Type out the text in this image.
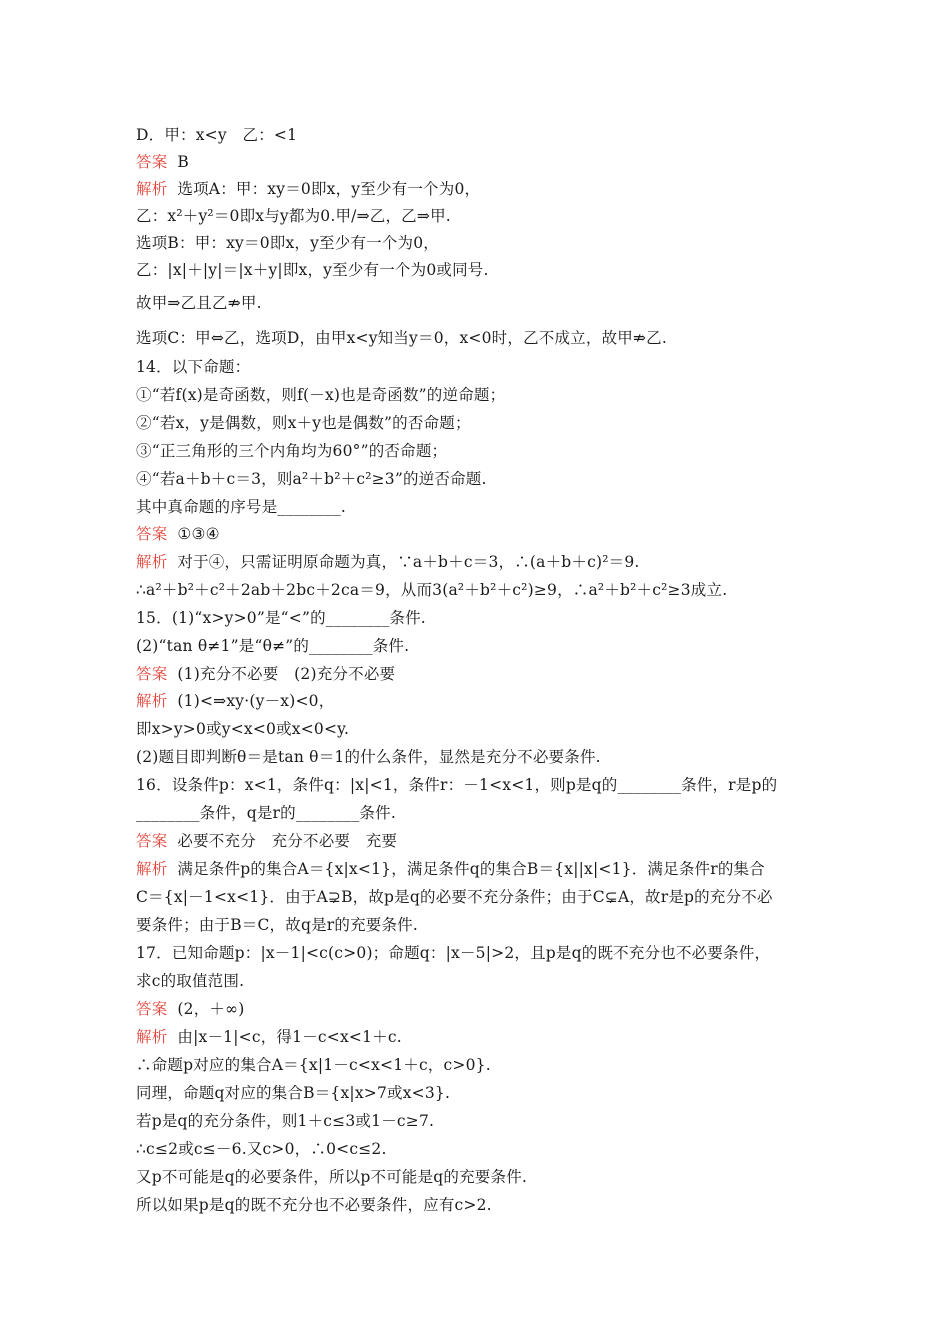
D．甲：x<y　乙：<1
答案 B
解析 选项A：甲：xy＝0即x，y至少有一个为0，
乙：x²＋y²＝0即x与y都为0.甲/⇒乙，乙⇒甲.
选项B：甲：xy＝0即x，y至少有一个为0，
乙：|x|＋|y|＝|x＋y|即x，y至少有一个为0或同号.
故甲⇒乙且乙⇏甲.
选项C：甲⇔乙，选项D，由甲x<y知当y＝0，x<0时，乙不成立，故甲⇏乙.
14．以下命题：
①“若f(x)是奇函数，则f(－x)也是奇函数”的逆命题；
②“若x，y是偶数，则x＋y也是偶数”的否命题；
③“正三角形的三个内角均为60°”的否命题；
④“若a＋b＋c＝3，则a²＋b²＋c²≥3”的逆否命题.
其中真命题的序号是________.
答案 ①③④
解析 对于④，只需证明原命题为真，∵a＋b＋c＝3，∴(a＋b＋c)²＝9.
∴a²＋b²＋c²＋2ab＋2bc＋2ca＝9，从而3(a²＋b²＋c²)≥9，∴a²＋b²＋c²≥3成立.
15．(1)“x>y>0”是“<”的________条件.
(2)“tan θ≠1”是“θ≠”的________条件.
答案 (1)充分不必要　(2)充分不必要
解析 (1)<⇒xy·(y－x)<0，
即x>y>0或y<x<0或x<0<y.
(2)题目即判断θ＝是tan θ＝1的什么条件，显然是充分不必要条件.
16．设条件p：x<1，条件q：|x|<1，条件r：－1<x<1，则p是q的________条件，r是p的
________条件，q是r的________条件.
答案 必要不充分　充分不必要　充要
解析 满足条件p的集合A＝{x|x<1}，满足条件q的集合B＝{x||x|<1}．满足条件r的集合
C＝{x|－1<x<1}．由于A⊋B，故p是q的必要不充分条件；由于C⊊A，故r是p的充分不必
要条件；由于B＝C，故q是r的充要条件.
17．已知命题p：|x－1|<c(c>0)；命题q：|x－5|>2，且p是q的既不充分也不必要条件，
求c的取值范围.
答案 (2，＋∞)
解析 由|x－1|<c，得1－c<x<1＋c.
∴命题p对应的集合A＝{x|1－c<x<1＋c，c>0}.
同理，命题q对应的集合B＝{x|x>7或x<3}.
若p是q的充分条件，则1＋c≤3或1－c≥7.
∴c≤2或c≤－6.又c>0，∴0<c≤2.
又p不可能是q的必要条件，所以p不可能是q的充要条件.
所以如果p是q的既不充分也不必要条件，应有c>2.
